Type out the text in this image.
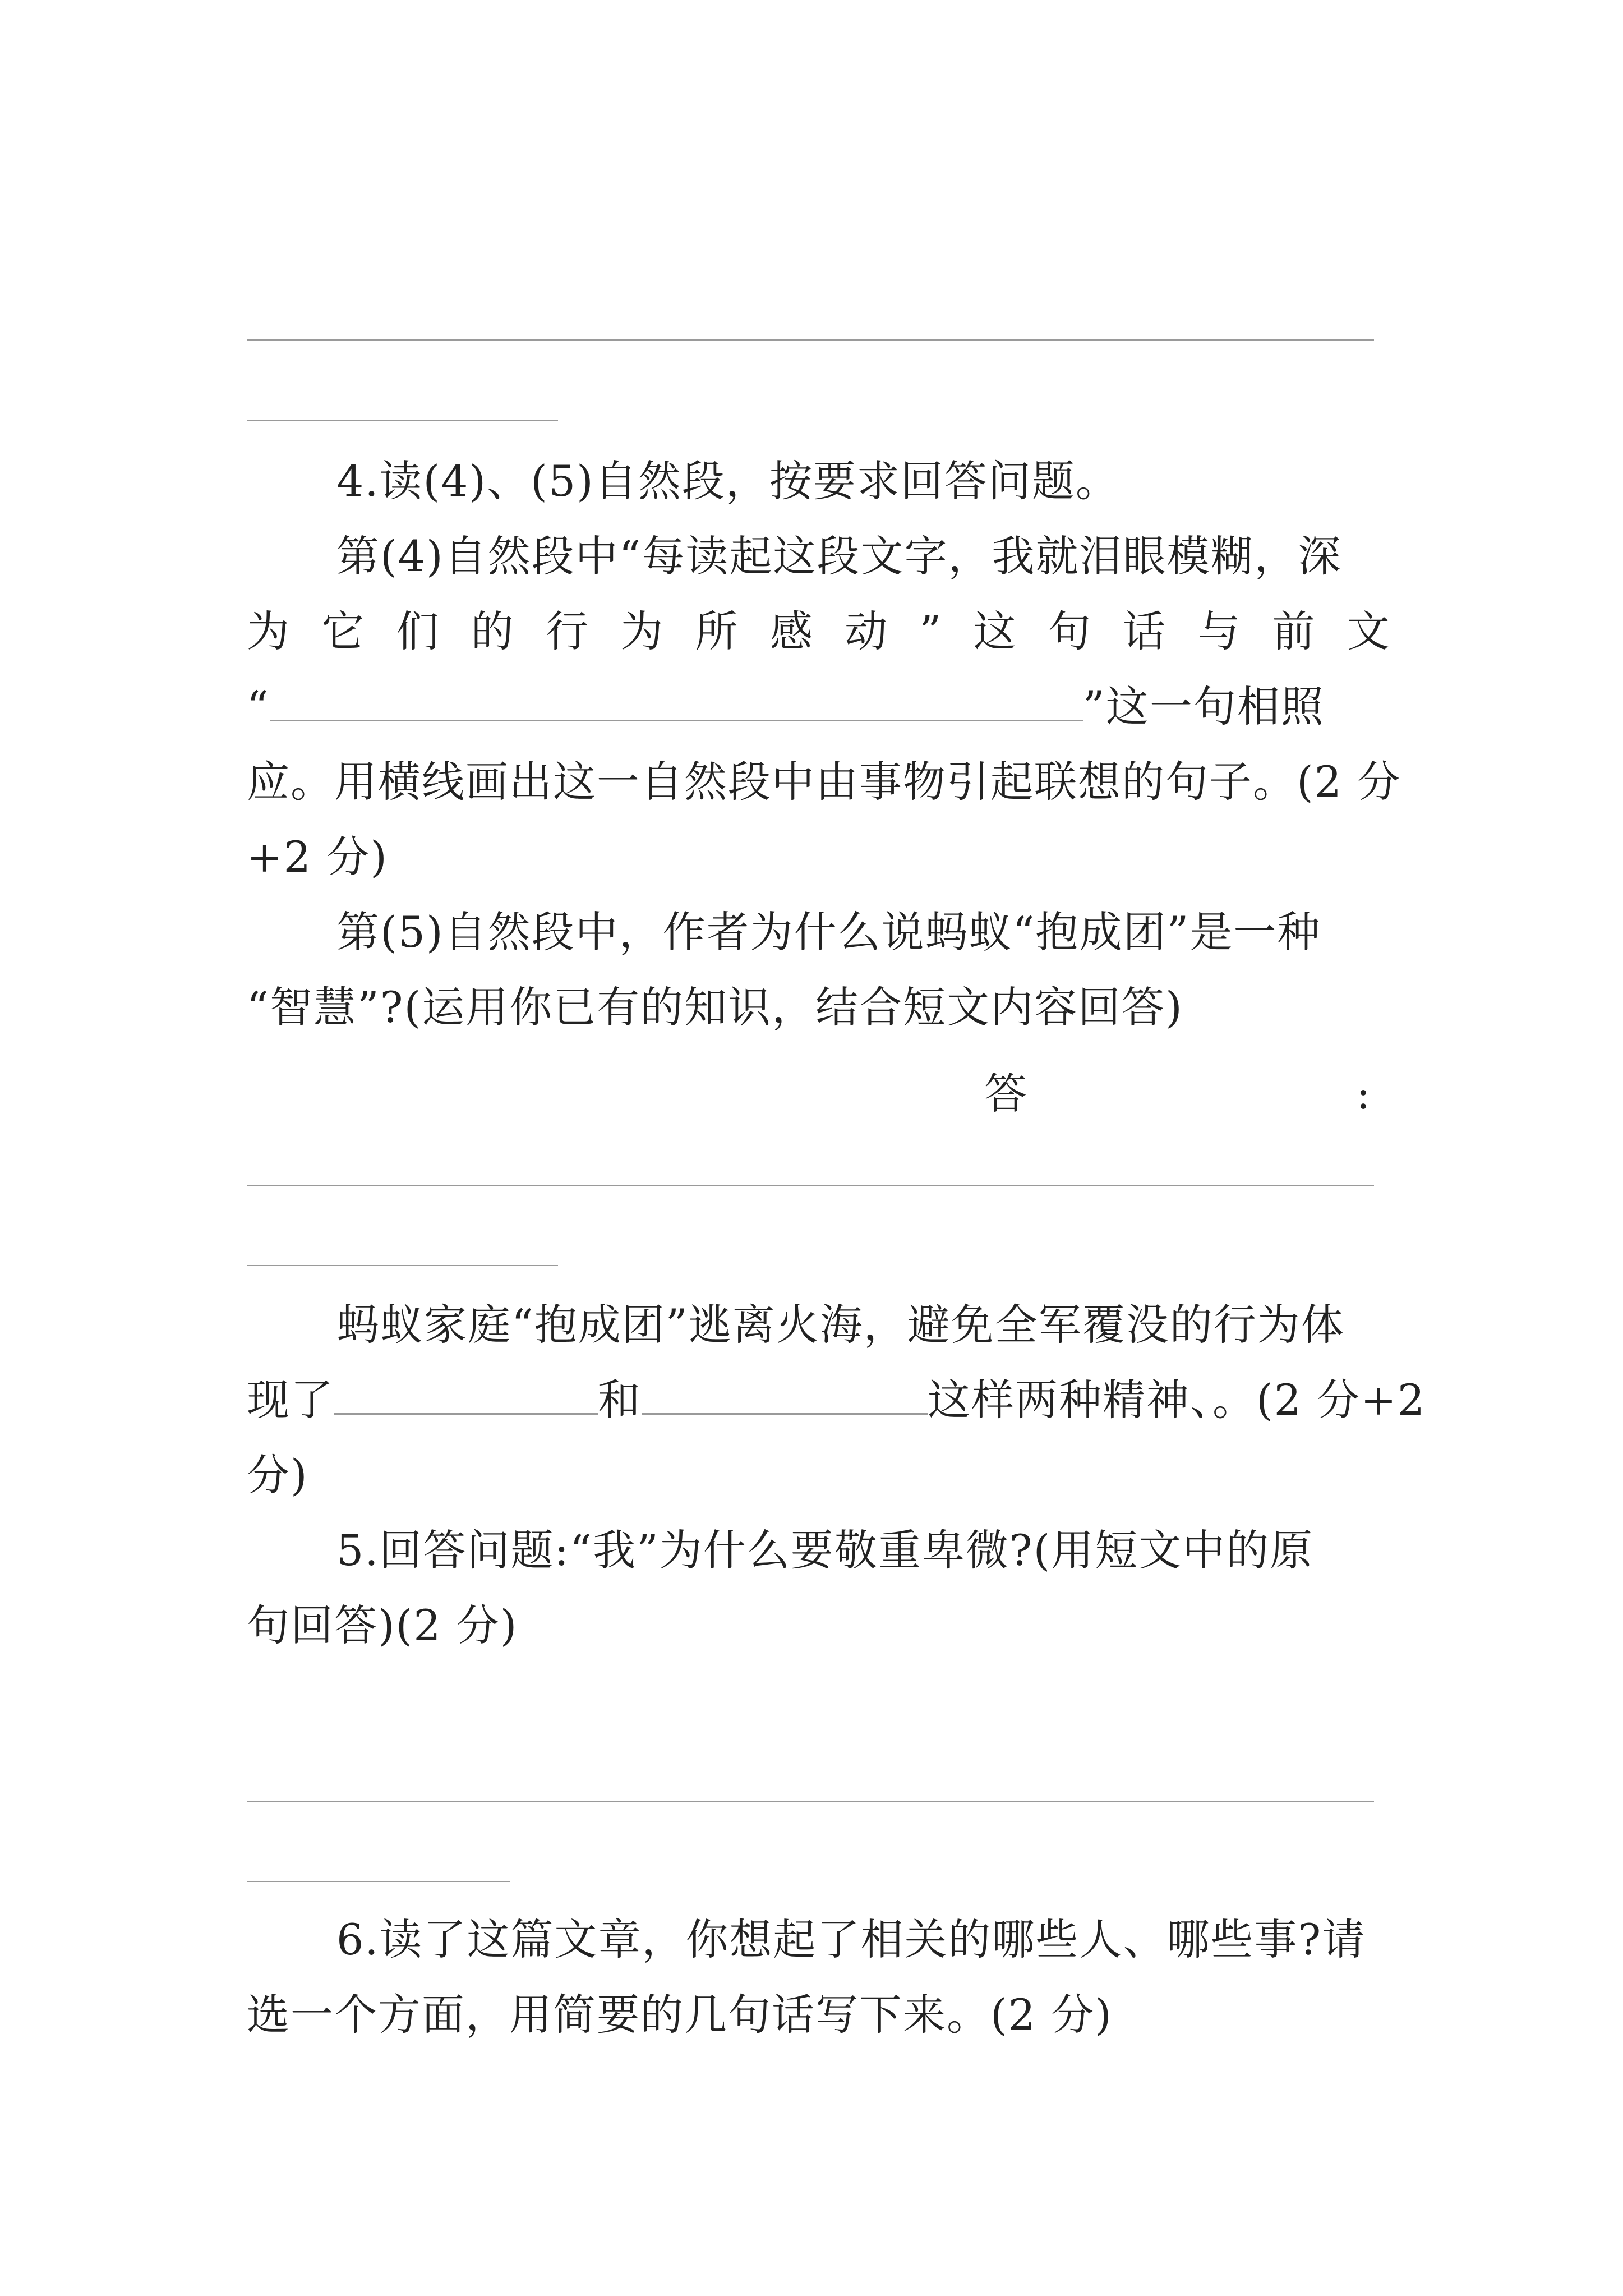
4.读(4)、(5)自然段，按要求回答问题。
第(4)自然段中“每读起这段文字，我就泪眼模糊，深
为 它 们 的 行 为 所 感 动 ” 这 句 话 与 前 文
“	”这一句相照
应。用横线画出这一自然段中由事物引起联想的句子。(2 分
+2 分)
第(5)自然段中，作者为什么说蚂蚁“抱成团”是一种
“智慧”?(运用你已有的知识，结合短文内容回答)
答	:
蚂蚁家庭“抱成团”逃离火海，避免全军覆没的行为体
现了	和	这样两种精神、。(2 分+2
分)
5.回答问题:“我”为什么要敬重卑微?(用短文中的原
句回答)(2 分)
6.读了这篇文章，你想起了相关的哪些人、哪些事?请
选一个方面，用简要的几句话写下来。(2 分)
